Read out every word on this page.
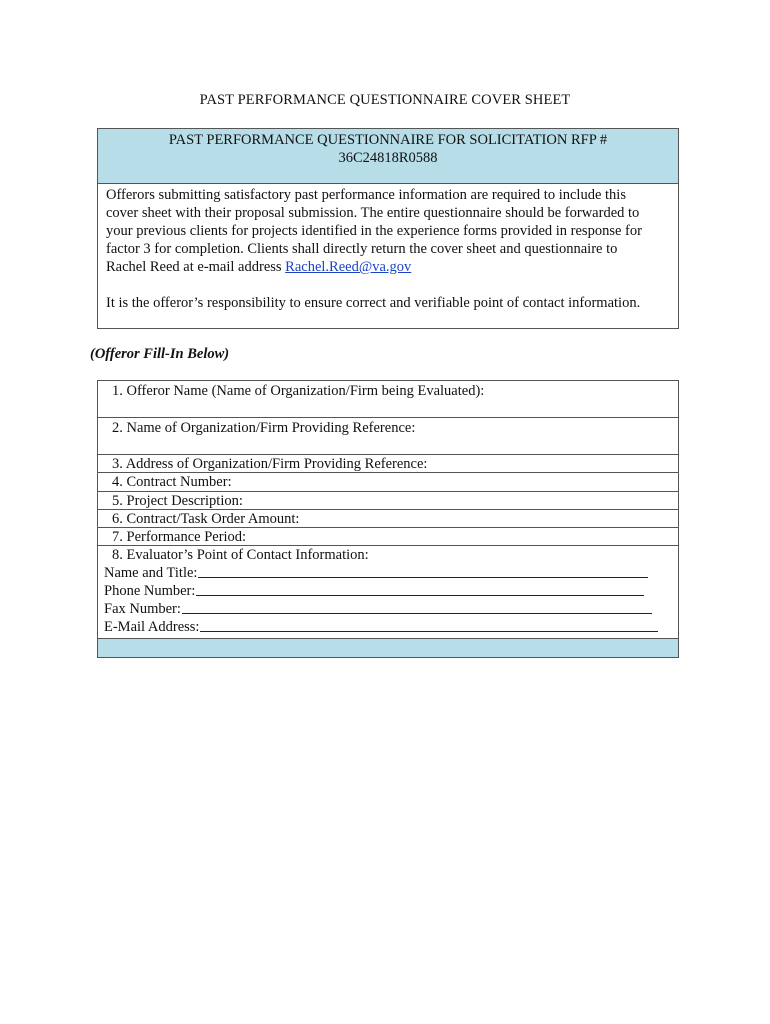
PAST PERFORMANCE QUESTIONNAIRE COVER SHEET
PAST PERFORMANCE QUESTIONNAIRE FOR SOLICITATION RFP #
36C24818R0588

Offerors submitting satisfactory past performance information are required to include this
cover sheet with their proposal submission. The entire questionnaire should be forwarded to
your previous clients for projects identified in the experience forms provided in response for
factor 3 for completion. Clients shall directly return the cover sheet and questionnaire to
Rachel Reed at e-mail address Rachel.Reed@va.gov

It is the offeror’s responsibility to ensure correct and verifiable point of contact information.

(Offeror Fill-In Below)
1. Offeror Name (Name of Organization/Firm being Evaluated):
2. Name of Organization/Firm Providing Reference:
3. Address of Organization/Firm Providing Reference:
4. Contract Number:
5. Project Description:
6. Contract/Task Order Amount:
7. Performance Period:
8. Evaluator’s Point of Contact Information:
Name and Title:
Phone Number:
Fax Number:
E-Mail Address:
